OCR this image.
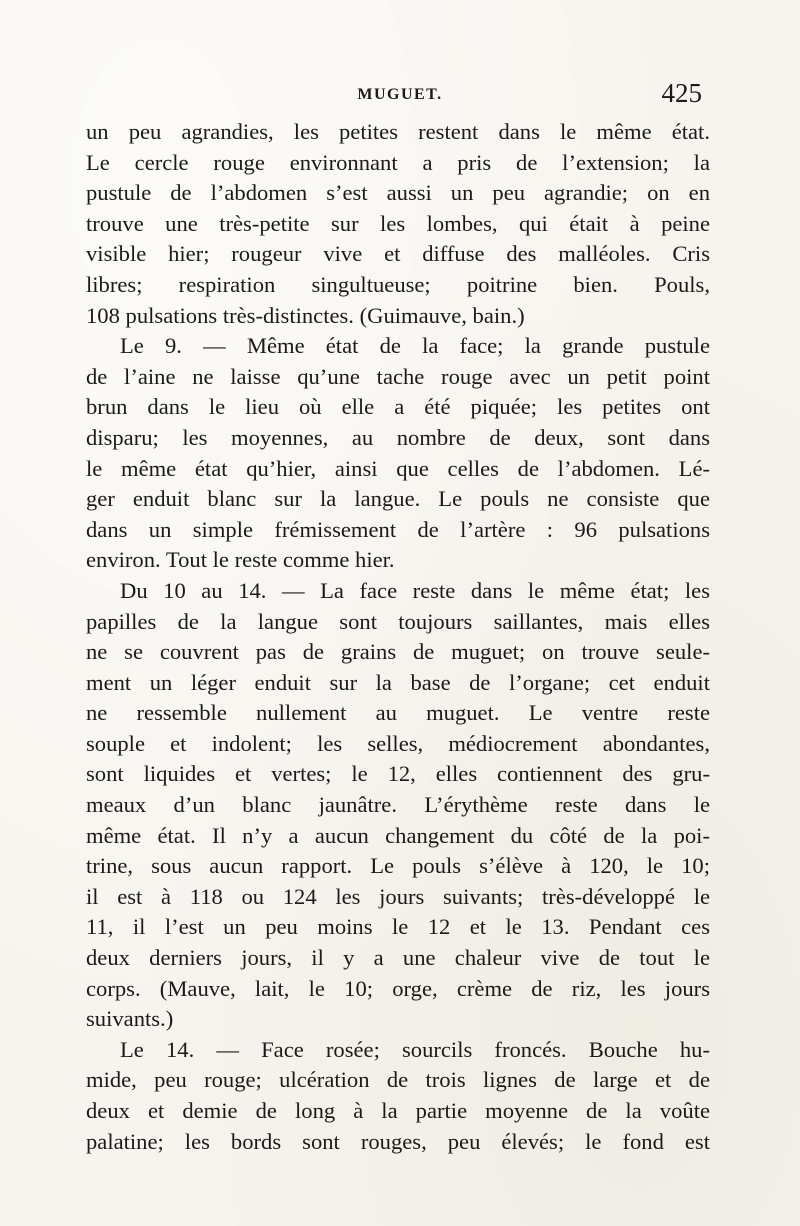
MUGUET.	425
un peu agrandies, les petites restent dans le même état.
Le cercle rouge environnant a pris de l’extension; la
pustule de l’abdomen s’est aussi un peu agrandie; on en
trouve une très-petite sur les lombes, qui était à peine
visible hier; rougeur vive et diffuse des malléoles. Cris
libres; respiration singultueuse; poitrine bien. Pouls,
108 pulsations très-distinctes. (Guimauve, bain.)
Le 9. — Même état de la face; la grande pustule
de l’aine ne laisse qu’une tache rouge avec un petit point
brun dans le lieu où elle a été piquée; les petites ont
disparu; les moyennes, au nombre de deux, sont dans
le même état qu’hier, ainsi que celles de l’abdomen. Lé-
ger enduit blanc sur la langue. Le pouls ne consiste que
dans un simple frémissement de l’artère : 96 pulsations
environ. Tout le reste comme hier.
Du 10 au 14. — La face reste dans le même état; les
papilles de la langue sont toujours saillantes, mais elles
ne se couvrent pas de grains de muguet; on trouve seule-
ment un léger enduit sur la base de l’organe; cet enduit
ne ressemble nullement au muguet. Le ventre reste
souple et indolent; les selles, médiocrement abondantes,
sont liquides et vertes; le 12, elles contiennent des gru-
meaux d’un blanc jaunâtre. L’érythème reste dans le
même état. Il n’y a aucun changement du côté de la poi-
trine, sous aucun rapport. Le pouls s’élève à 120, le 10;
il est à 118 ou 124 les jours suivants; très-développé le
11, il l’est un peu moins le 12 et le 13. Pendant ces
deux derniers jours, il y a une chaleur vive de tout le
corps. (Mauve, lait, le 10; orge, crème de riz, les jours
suivants.)
Le 14. — Face rosée; sourcils froncés. Bouche hu-
mide, peu rouge; ulcération de trois lignes de large et de
deux et demie de long à la partie moyenne de la voûte
palatine; les bords sont rouges, peu élevés; le fond est
